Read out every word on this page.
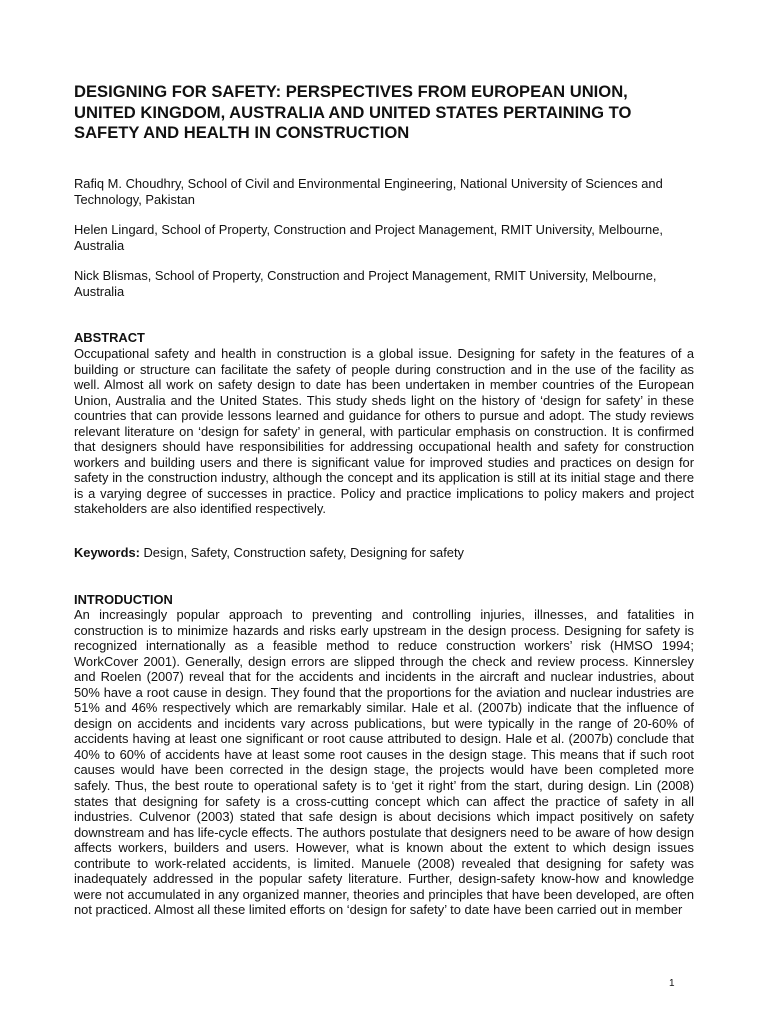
DESIGNING FOR SAFETY: PERSPECTIVES FROM EUROPEAN UNION, UNITED KINGDOM, AUSTRALIA AND UNITED STATES PERTAINING TO SAFETY AND HEALTH IN CONSTRUCTION

Rafiq M. Choudhry, School of Civil and Environmental Engineering, National University of Sciences and Technology, Pakistan

Helen Lingard, School of Property, Construction and Project Management, RMIT University, Melbourne, Australia

Nick Blismas, School of Property, Construction and Project Management, RMIT University, Melbourne, Australia

ABSTRACT

Occupational safety and health in construction is a global issue. Designing for safety in the features of a building or structure can facilitate the safety of people during construction and in the use of the facility as well. Almost all work on safety design to date has been undertaken in member countries of the European Union, Australia and the United States. This study sheds light on the history of ‘design for safety’ in these countries that can provide lessons learned and guidance for others to pursue and adopt. The study reviews relevant literature on ‘design for safety’ in general, with particular emphasis on construction. It is confirmed that designers should have responsibilities for addressing occupational health and safety for construction workers and building users and there is significant value for improved studies and practices on design for safety in the construction industry, although the concept and its application is still at its initial stage and there is a varying degree of successes in practice. Policy and practice implications to policy makers and project stakeholders are also identified respectively.

Keywords: Design, Safety, Construction safety, Designing for safety

INTRODUCTION

An increasingly popular approach to preventing and controlling injuries, illnesses, and fatalities in construction is to minimize hazards and risks early upstream in the design process. Designing for safety is recognized internationally as a feasible method to reduce construction workers’ risk (HMSO 1994; WorkCover 2001). Generally, design errors are slipped through the check and review process. Kinnersley and Roelen (2007) reveal that for the accidents and incidents in the aircraft and nuclear industries, about 50% have a root cause in design. They found that the proportions for the aviation and nuclear industries are 51% and 46% respectively which are remarkably similar. Hale et al. (2007b) indicate that the influence of design on accidents and incidents vary across publications, but were typically in the range of 20-60% of accidents having at least one significant or root cause attributed to design. Hale et al. (2007b) conclude that 40% to 60% of accidents have at least some root causes in the design stage. This means that if such root causes would have been corrected in the design stage, the projects would have been completed more safely. Thus, the best route to operational safety is to ‘get it right’ from the start, during design. Lin (2008) states that designing for safety is a cross-cutting concept which can affect the practice of safety in all industries. Culvenor (2003) stated that safe design is about decisions which impact positively on safety downstream and has life-cycle effects. The authors postulate that designers need to be aware of how design affects workers, builders and users. However, what is known about the extent to which design issues contribute to work-related accidents, is limited. Manuele (2008) revealed that designing for safety was inadequately addressed in the popular safety literature. Further, design-safety know-how and knowledge were not accumulated in any organized manner, theories and principles that have been developed, are often not practiced. Almost all these limited efforts on ‘design for safety’ to date have been carried out in member

1
